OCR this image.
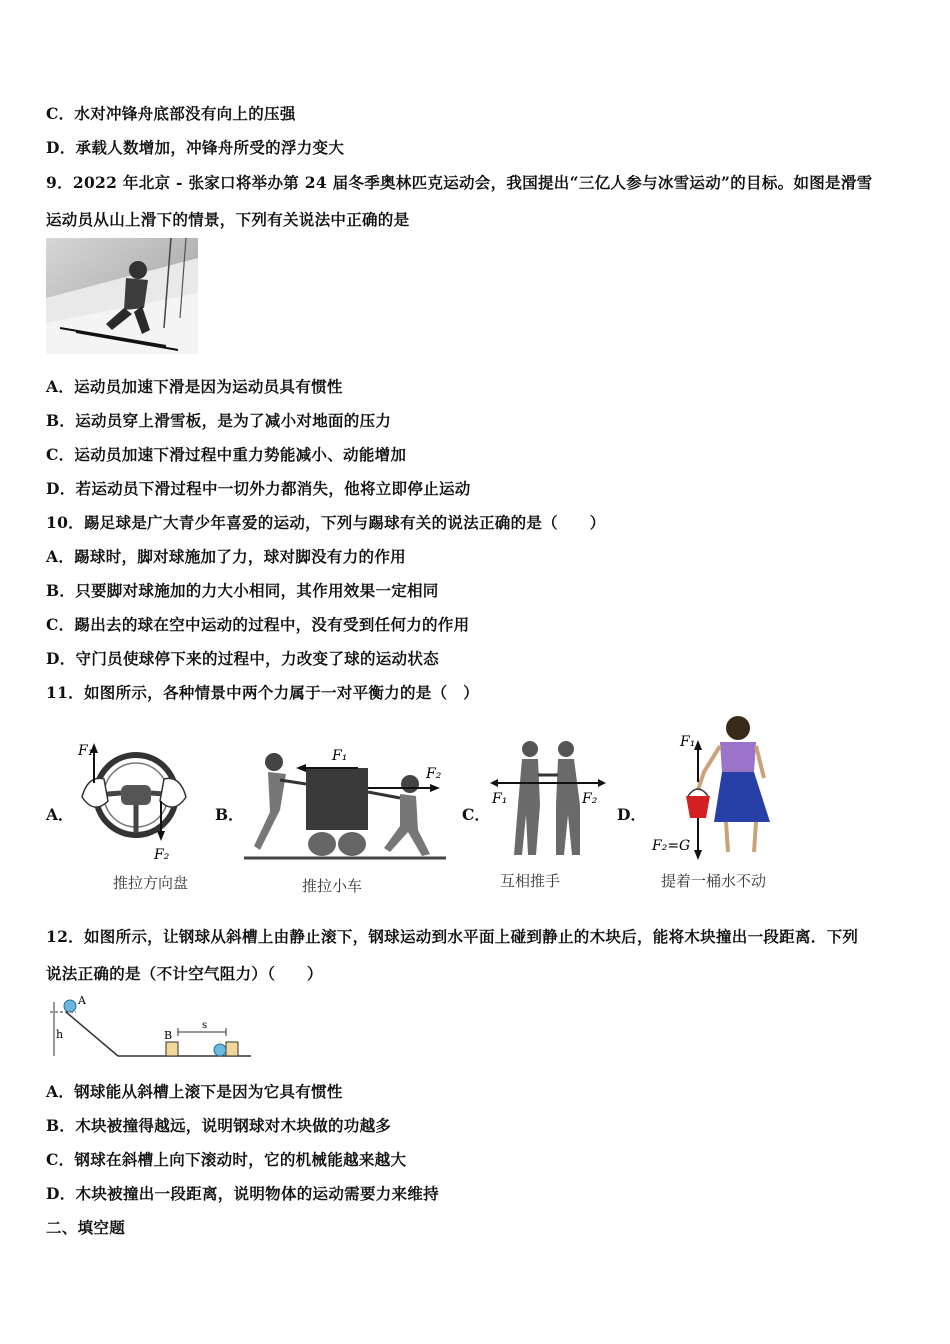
C．水对冲锋舟底部没有向上的压强
D．承载人数增加，冲锋舟所受的浮力变大
9．2022 年北京 - 张家口将举办第 24 届冬季奥林匹克运动会，我国提出“三亿人参与冰雪运动”的目标。如图是滑雪
运动员从山上滑下的情景，下列有关说法中正确的是
A．运动员加速下滑是因为运动员具有惯性
B．运动员穿上滑雪板，是为了减小对地面的压力
C．运动员加速下滑过程中重力势能减小、动能增加
D．若运动员下滑过程中一切外力都消失，他将立即停止运动
10．踢足球是广大青少年喜爱的运动，下列与踢球有关的说法正确的是（　　）
A．踢球时，脚对球施加了力，球对脚没有力的作用
B．只要脚对球施加的力大小相同，其作用效果一定相同
C．踢出去的球在空中运动的过程中，没有受到任何力的作用
D．守门员使球停下来的过程中，力改变了球的运动状态
11．如图所示，各种情景中两个力属于一对平衡力的是（　）
A．	B．	C．	D．
F₁
F₂
推拉方向盘
F₁
F₂
推拉小车
F₁	F₂
互相推手
F₁
F₂=G
提着一桶水不动
12．如图所示，让钢球从斜槽上由静止滚下，钢球运动到水平面上碰到静止的木块后，能将木块撞出一段距离．下列
说法正确的是（不计空气阻力）（　　）
A
B
h
s
A．钢球能从斜槽上滚下是因为它具有惯性
B．木块被撞得越远，说明钢球对木块做的功越多
C．钢球在斜槽上向下滚动时，它的机械能越来越大
D．木块被撞出一段距离，说明物体的运动需要力来维持
二、填空题
